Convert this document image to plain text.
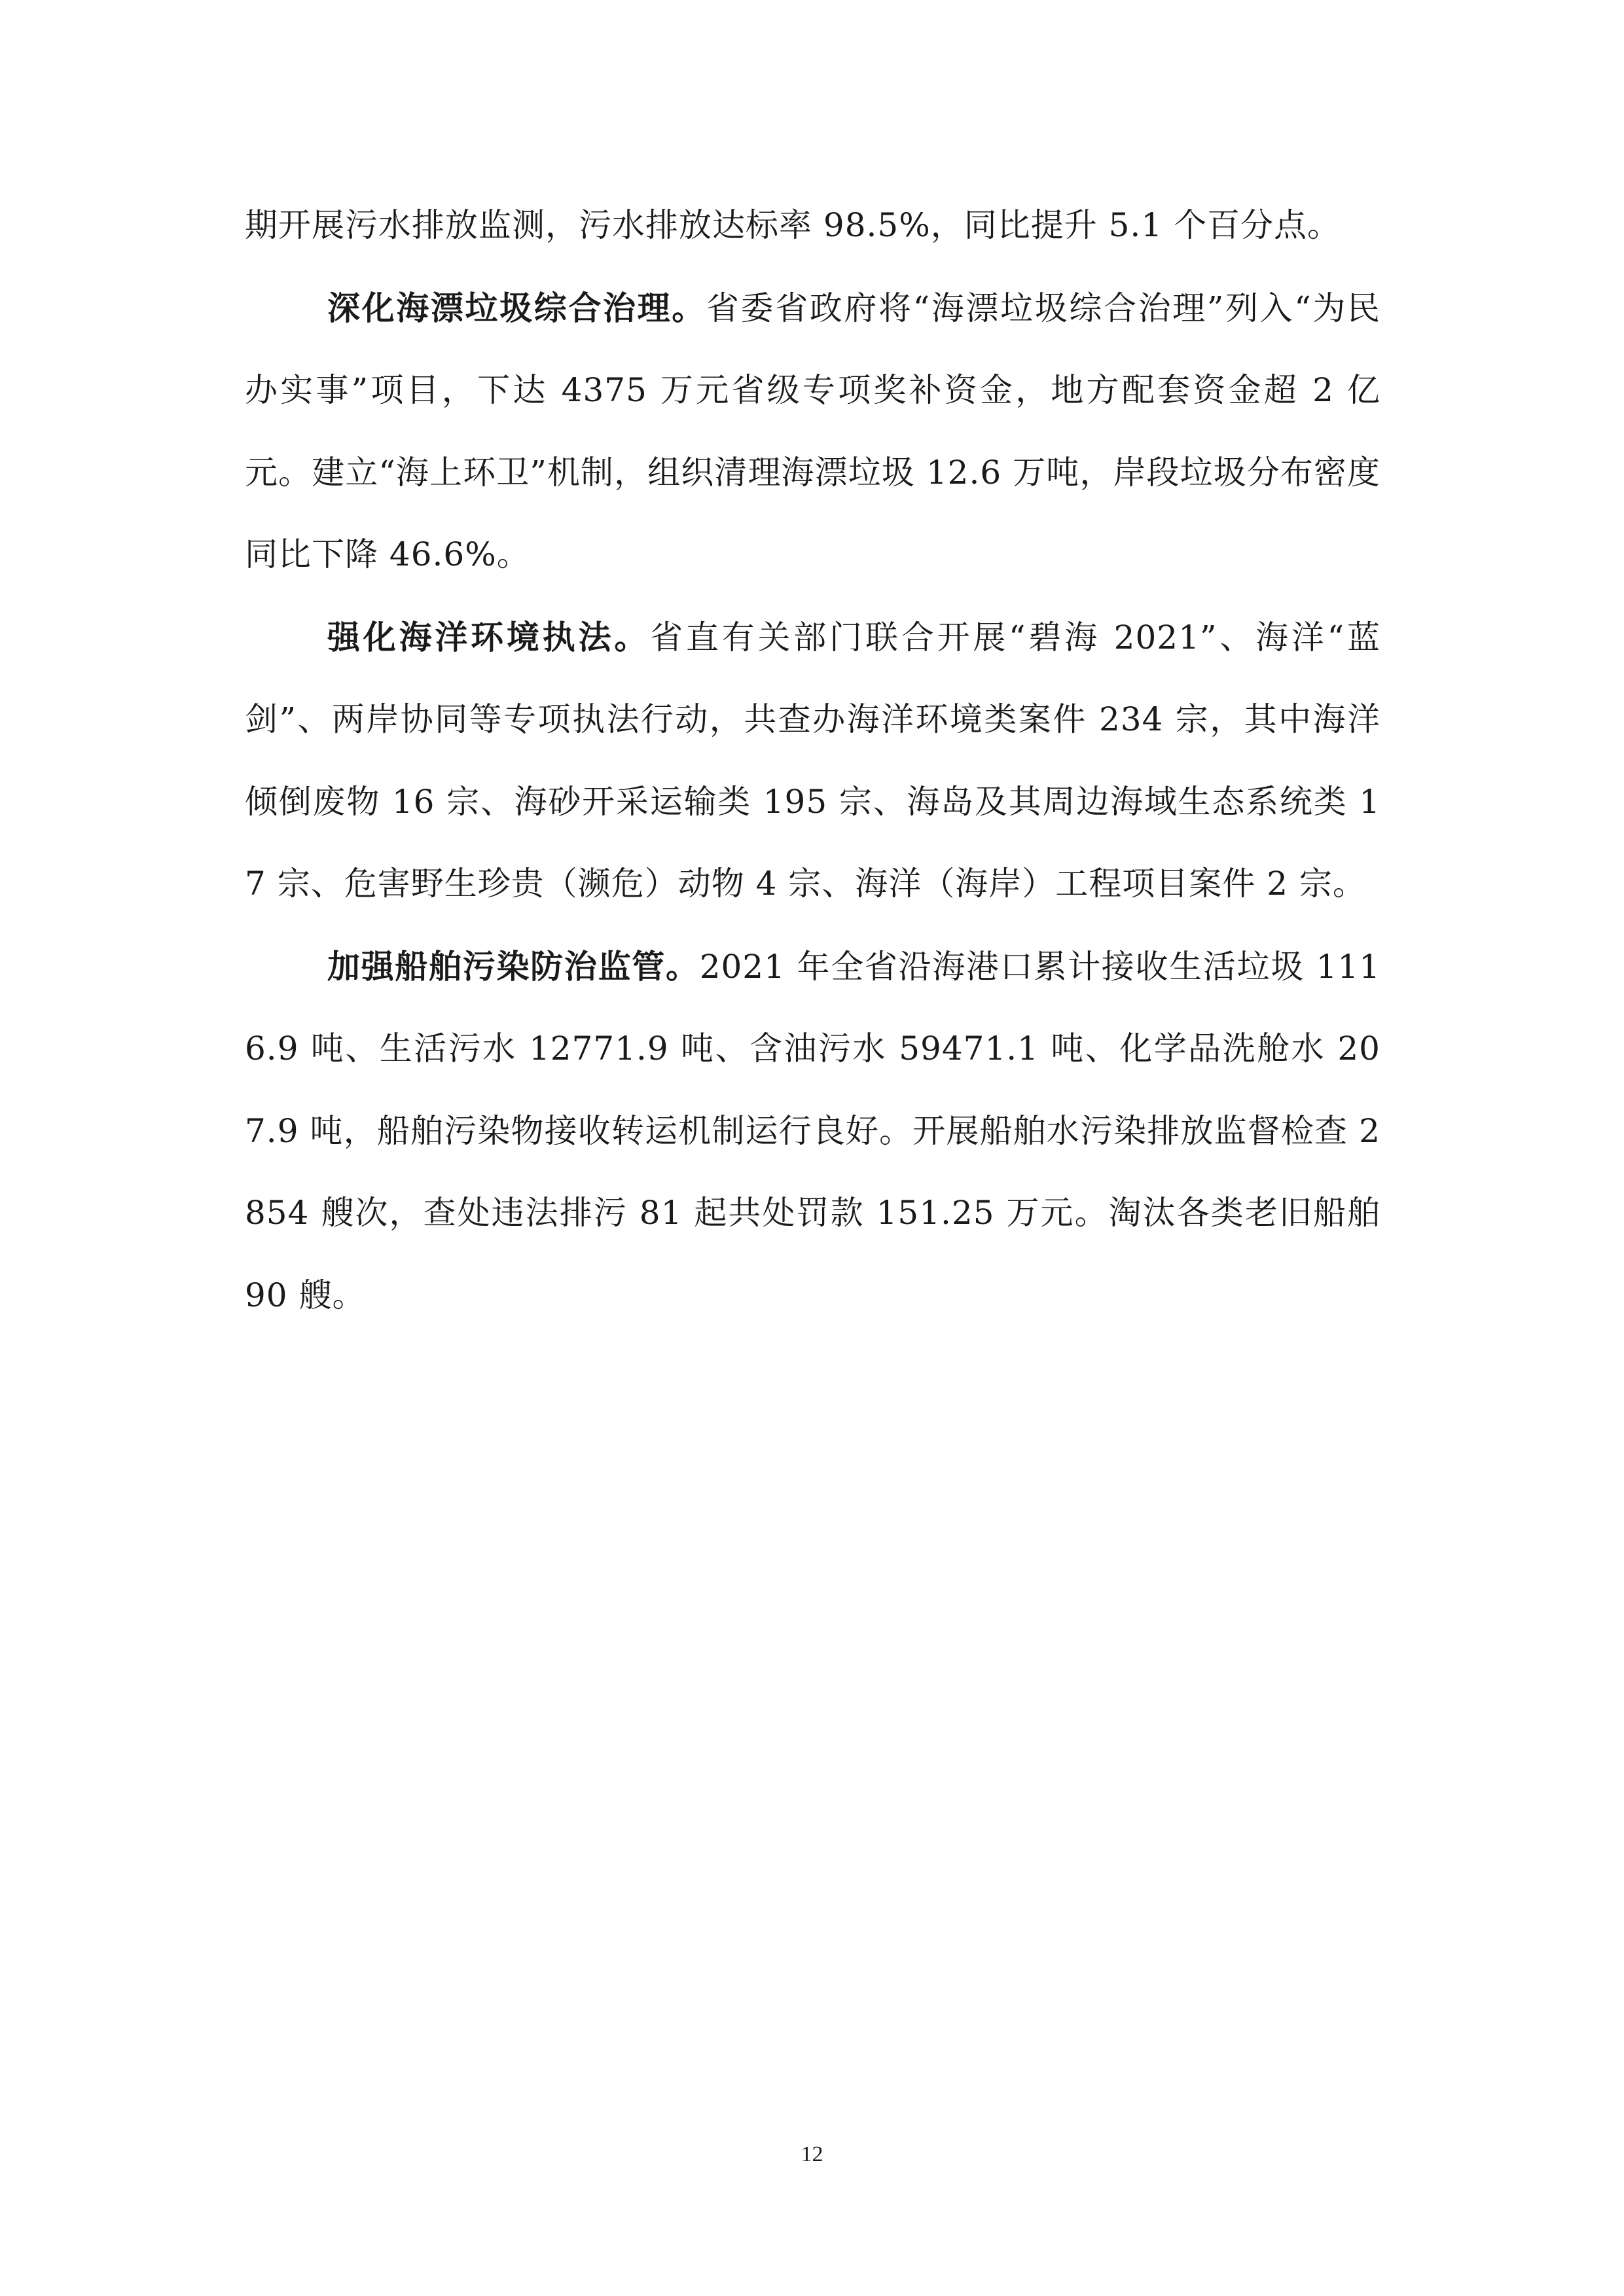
期开展污水排放监测，污水排放达标率 98.5%，同比提升 5.1 个百分点。

深化海漂垃圾综合治理。省委省政府将“海漂垃圾综合治理”列入“为民办实事”项目，下达 4375 万元省级专项奖补资金，地方配套资金超 2 亿元。建立“海上环卫”机制，组织清理海漂垃圾 12.6 万吨，岸段垃圾分布密度同比下降 46.6%。

强化海洋环境执法。省直有关部门联合开展“碧海 2021”、海洋“蓝剑”、两岸协同等专项执法行动，共查办海洋环境类案件 234 宗，其中海洋倾倒废物 16 宗、海砂开采运输类 195 宗、海岛及其周边海域生态系统类 17 宗、危害野生珍贵（濒危）动物 4 宗、海洋（海岸）工程项目案件 2 宗。

加强船舶污染防治监管。2021 年全省沿海港口累计接收生活垃圾 1116.9 吨、生活污水 12771.9 吨、含油污水 59471.1 吨、化学品洗舱水 207.9 吨，船舶污染物接收转运机制运行良好。开展船舶水污染排放监督检查 2854 艘次，查处违法排污 81 起共处罚款 151.25 万元。淘汰各类老旧船舶 90 艘。

12
